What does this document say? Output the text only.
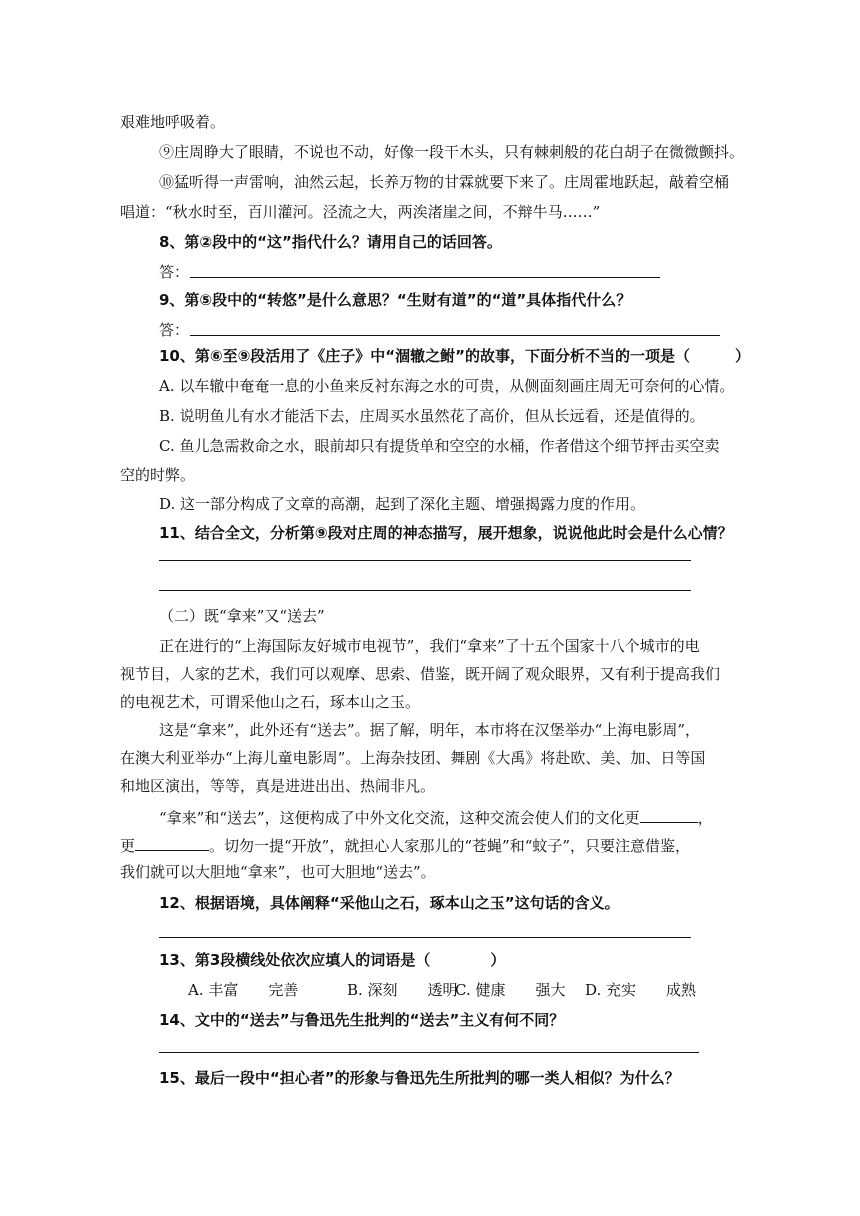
艰难地呼吸着。
⑨庄周睁大了眼睛，不说也不动，好像一段干木头，只有棘刺般的花白胡子在微微颤抖。
⑩猛听得一声雷响，油然云起，长养万物的甘霖就要下来了。庄周霍地跃起，敲着空桶
唱道：“秋水时至，百川灌河。泾流之大，两涘渚崖之间，不辩牛马……”
8、第②段中的“这”指代什么？请用自己的话回答。
答：
9、第⑤段中的“转悠”是什么意思？“生财有道”的“道”具体指代什么？
答：
10、第⑥至⑨段活用了《庄子》中“涸辙之鲋”的故事，下面分析不当的一项是（　　　）
A. 以车辙中奄奄一息的小鱼来反衬东海之水的可贵，从侧面刻画庄周无可奈何的心情。
B. 说明鱼儿有水才能活下去，庄周买水虽然花了高价，但从长远看，还是值得的。
C. 鱼儿急需救命之水，眼前却只有提货单和空空的水桶，作者借这个细节抨击买空卖
空的时弊。
D. 这一部分构成了文章的高潮，起到了深化主题、增强揭露力度的作用。
11、结合全文，分析第⑨段对庄周的神态描写，展开想象，说说他此时会是什么心情？
（二）既“拿来”又“送去”
正在进行的“上海国际友好城市电视节”，我们“拿来”了十五个国家十八个城市的电
视节目，人家的艺术，我们可以观摩、思索、借鉴，既开阔了观众眼界，又有利于提高我们
的电视艺术，可谓采他山之石，琢本山之玉。
这是“拿来”，此外还有“送去”。据了解，明年，本市将在汉堡举办“上海电影周”，
在澳大利亚举办“上海儿童电影周”。上海杂技团、舞剧《大禹》将赴欧、美、加、日等国
和地区演出，等等，真是进进出出、热闹非凡。
“拿来”和“送去”，这便构成了中外文化交流，这种交流会使人们的文化更	，
更	。切勿一提“开放”，就担心人家那儿的“苍蝇”和“蚊子”，只要注意借鉴，
我们就可以大胆地“拿来”，也可大胆地“送去”。
12、根据语境，具体阐释“采他山之石，琢本山之玉”这句话的含义。
13、第3段横线处依次应填人的词语是（　　　　）
A. 丰富　　完善	B. 深刻　　透明
C. 健康　　强大 D. 充实　　成熟
14、文中的“送去”与鲁迅先生批判的“送去”主义有何不同？
15、最后一段中“担心者”的形象与鲁迅先生所批判的哪一类人相似？为什么？
